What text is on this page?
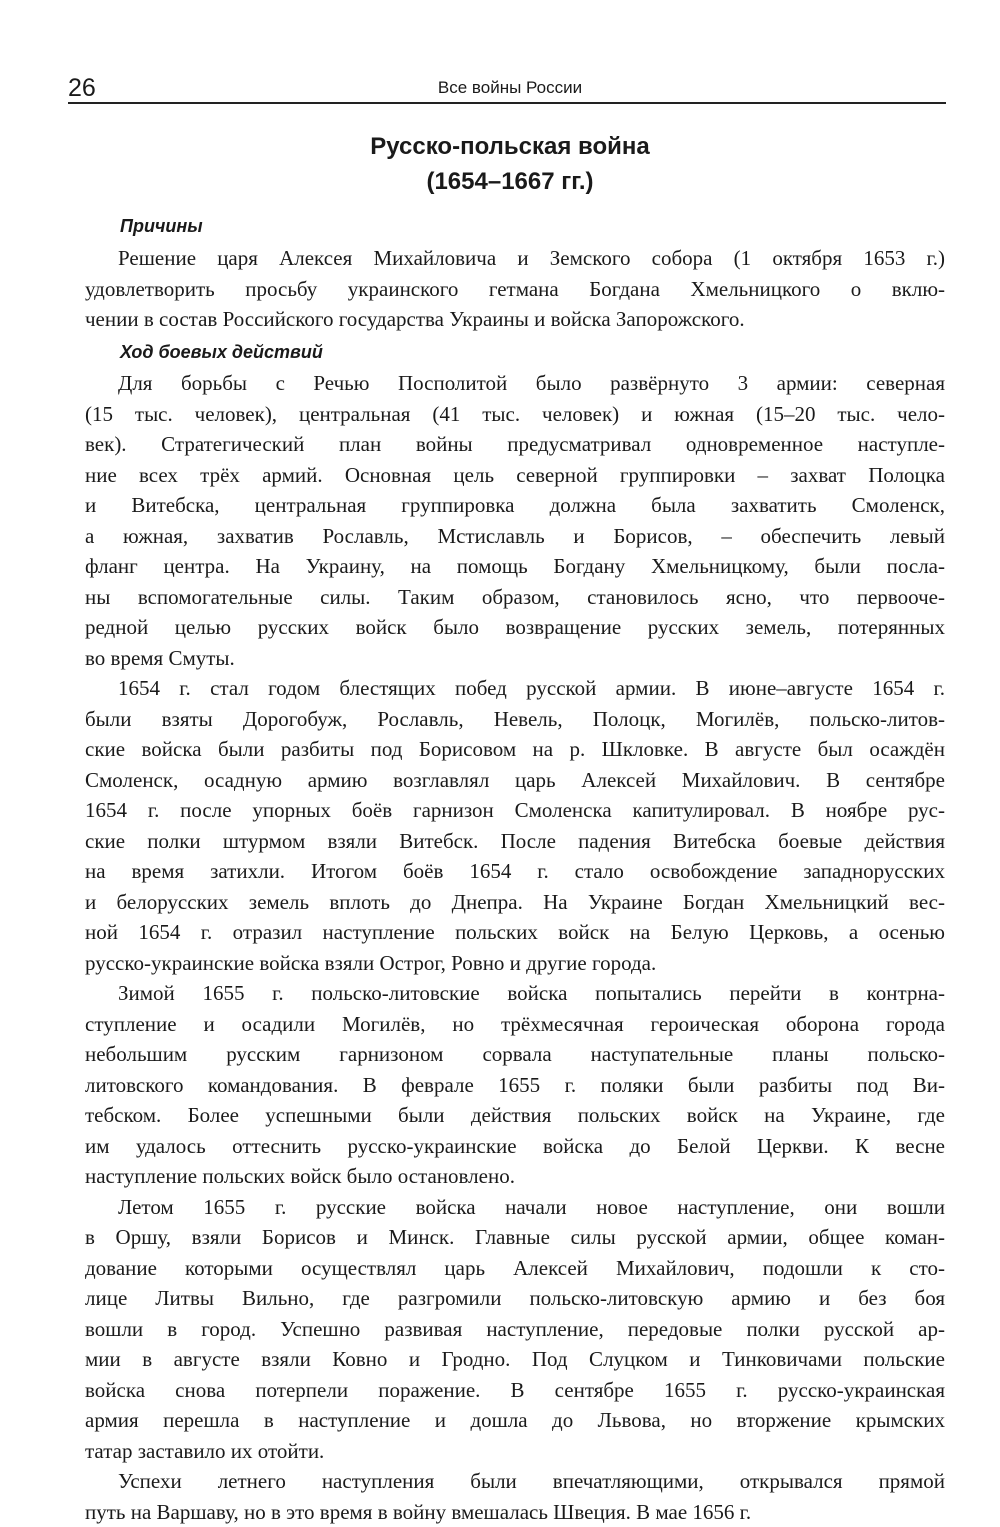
26	Все войны России
Русско-польская война
(1654–1667 гг.)
Причины
Решение царя Алексея Михайловича и Земского собора (1 октября 1653 г.)
удовлетворить просьбу украинского гетмана Богдана Хмельницкого о вклю-
чении в состав Российского государства Украины и войска Запорожского.
Ход боевых действий
Для борьбы с Речью Посполитой было развёрнуто 3 армии: северная
(15 тыс. человек), центральная (41 тыс. человек) и южная (15–20 тыс. чело-
век). Стратегический план войны предусматривал одновременное наступле-
ние всех трёх армий. Основная цель северной группировки – захват Полоцка
и Витебска, центральная группировка должна была захватить Смоленск,
а южная, захватив Рославль, Мстиславль и Борисов, – обеспечить левый
фланг центра. На Украину, на помощь Богдану Хмельницкому, были посла-
ны вспомогательные силы. Таким образом, становилось ясно, что первооче-
редной целью русских войск было возвращение русских земель, потерянных
во время Смуты.
1654 г. стал годом блестящих побед русской армии. В июне–августе 1654 г.
были взяты Дорогобуж, Рославль, Невель, Полоцк, Могилёв, польско-литов-
ские войска были разбиты под Борисовом на р. Шкловке. В августе был осаждён
Смоленск, осадную армию возглавлял царь Алексей Михайлович. В сентябре
1654 г. после упорных боёв гарнизон Смоленска капитулировал. В ноябре рус-
ские полки штурмом взяли Витебск. После падения Витебска боевые действия
на время затихли. Итогом боёв 1654 г. стало освобождение западнорусских
и белорусских земель вплоть до Днепра. На Украине Богдан Хмельницкий вес-
ной 1654 г. отразил наступление польских войск на Белую Церковь, а осенью
русско-украинские войска взяли Острог, Ровно и другие города.
Зимой 1655 г. польско-литовские войска попытались перейти в контрна-
ступление и осадили Могилёв, но трёхмесячная героическая оборона города
небольшим русским гарнизоном сорвала наступательные планы польско-
литовского командования. В феврале 1655 г. поляки были разбиты под Ви-
тебском. Более успешными были действия польских войск на Украине, где
им удалось оттеснить русско-украинские войска до Белой Церкви. К весне
наступление польских войск было остановлено.
Летом 1655 г. русские войска начали новое наступление, они вошли
в Оршу, взяли Борисов и Минск. Главные силы русской армии, общее коман-
дование которыми осуществлял царь Алексей Михайлович, подошли к сто-
лице Литвы Вильно, где разгромили польско-литовскую армию и без боя
вошли в город. Успешно развивая наступление, передовые полки русской ар-
мии в августе взяли Ковно и Гродно. Под Слуцком и Тинковичами польские
войска снова потерпели поражение. В сентябре 1655 г. русско-украинская
армия перешла в наступление и дошла до Львова, но вторжение крымских
татар заставило их отойти.
Успехи летнего наступления были впечатляющими, открывался прямой
путь на Варшаву, но в это время в войну вмешалась Швеция. В мае 1656 г.
